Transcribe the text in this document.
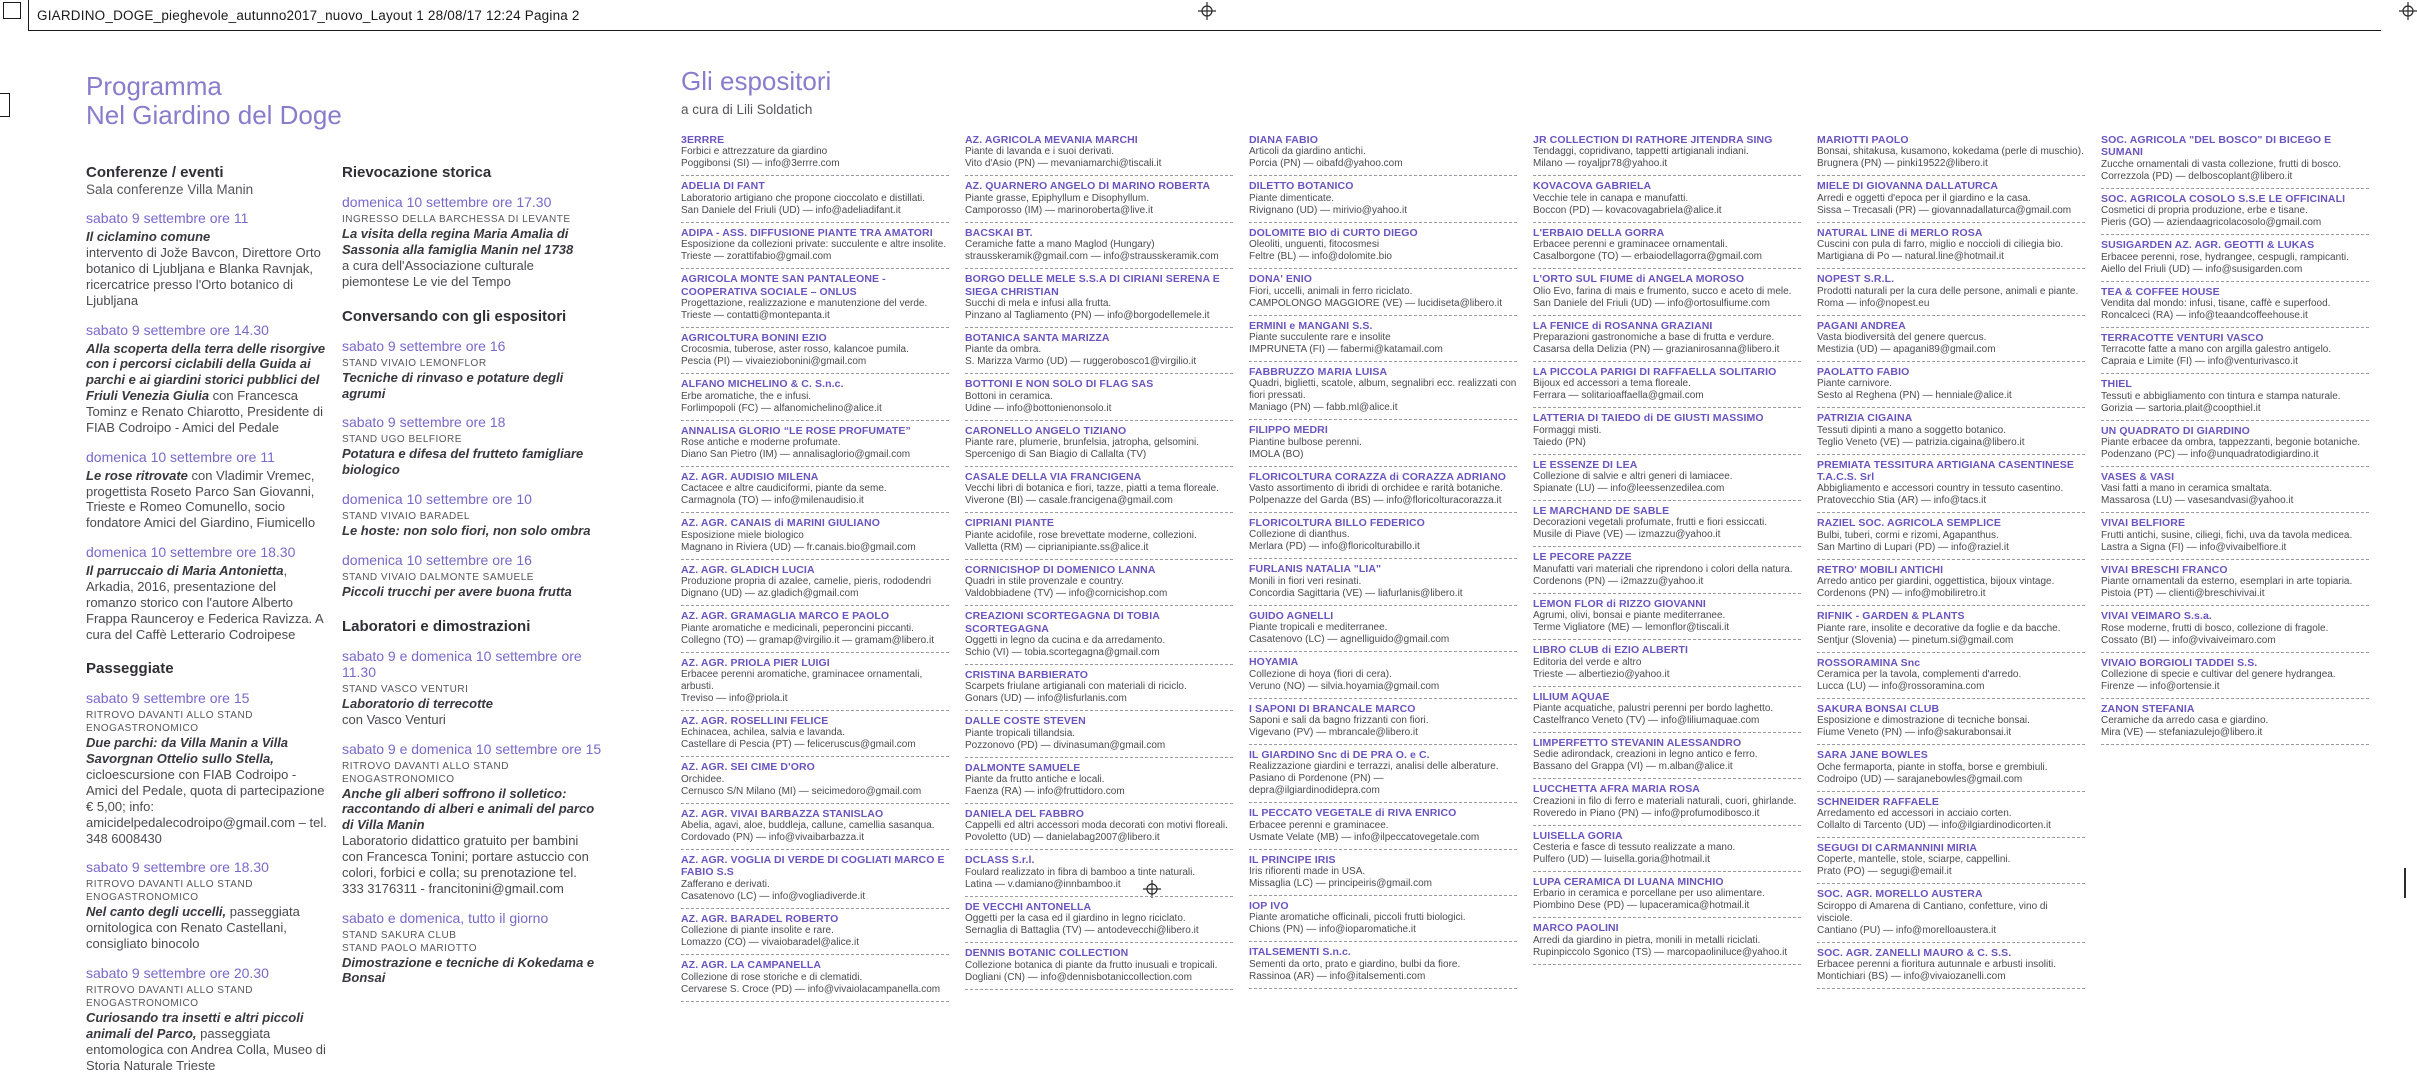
GIARDINO_DOGE_pieghevole_autunno2017_nuovo_Layout 1 28/08/17 12:24 Pagina 2
Programma
Nel Giardino del Doge
Conferenze / eventi
Sala conferenze Villa Manin
sabato 9 settembre ore 11

Il ciclamino comune

intervento di Jože Bavcon, Direttore Orto botanico di Ljubljana e Blanka Ravnjak, ricercatrice presso l'Orto botanico di Ljubljana

sabato 9 settembre ore 14.30

Alla scoperta della terra delle risorgive con i percorsi ciclabili della Guida ai parchi e ai giardini storici pubblici del Friuli Venezia Giulia con Francesca Tominz e Renato Chiarotto, Presidente di FIAB Codroipo - Amici del Pedale

domenica 10 settembre ore 11

Le rose ritrovate con Vladimir Vremec, progettista Roseto Parco San Giovanni, Trieste e Romeo Comunello, socio fondatore Amici del Giardino, Fiumicello

domenica 10 settembre ore 18.30

Il parruccaio di Maria Antonietta, Arkadia, 2016, presentazione del romanzo storico con l'autore Alberto Frappa Raunceroy e Federica Ravizza. A cura del Caffè Letterario Codroipese

Passeggiate
sabato 9 settembre ore 15
RITROVO DAVANTI ALLO STAND ENOGASTRONOMICO

Due parchi: da Villa Manin a Villa Savorgnan Ottelio sullo Stella,

cicloescursione con FIAB Codroipo - Amici del Pedale, quota di partecipazione € 5,00; info: amicidelpedalecodroipo@gmail.com – tel. 348 6008430

sabato 9 settembre ore 18.30
RITROVO DAVANTI ALLO STAND ENOGASTRONOMICO

Nel canto degli uccelli, passeggiata ornitologica con Renato Castellani, consigliato binocolo

sabato 9 settembre ore 20.30
RITROVO DAVANTI ALLO STAND ENOGASTRONOMICO

Curiosando tra insetti e altri piccoli animali del Parco, passeggiata entomologica con Andrea Colla, Museo di Storia Naturale Trieste

Rievocazione storica
domenica 10 settembre ore 17.30
INGRESSO DELLA BARCHESSA DI LEVANTE

La visita della regina Maria Amalia di Sassonia alla famiglia Manin nel 1738

a cura dell'Associazione culturale piemontese Le vie del Tempo

Conversando con gli espositori
sabato 9 settembre ore 16
STAND VIVAIO LEMONFLOR

Tecniche di rinvaso e potature degli agrumi

sabato 9 settembre ore 18
STAND UGO BELFIORE

Potatura e difesa del frutteto famigliare biologico

domenica 10 settembre ore 10
STAND VIVAIO BARADEL

Le hoste: non solo fiori, non solo ombra

domenica 10 settembre ore 16
STAND VIVAIO DALMONTE SAMUELE

Piccoli trucchi per avere buona frutta

Laboratori e dimostrazioni
sabato 9 e domenica 10 settembre ore 11.30
STAND VASCO VENTURI

Laboratorio di terrecotte

con Vasco Venturi

sabato 9 e domenica 10 settembre ore 15
RITROVO DAVANTI ALLO STAND ENOGASTRONOMICO

Anche gli alberi soffrono il solletico: raccontando di alberi e animali del parco di Villa Manin

Laboratorio didattico gratuito per bambini con Francesca Tonini; portare astuccio con colori, forbici e colla; su prenotazione tel. 333 3176311 - francitonini@gmail.com

sabato e domenica, tutto il giorno
STAND SAKURA CLUB
STAND PAOLO MARIOTTO

Dimostrazione e tecniche di Kokedama e Bonsai

Gli espositori
a cura di Lili Soldatich
3ERRRE
Forbici e attrezzature da giardino
Poggibonsi (SI) — info@3errre.com
ADELIA DI FANT
Laboratorio artigiano che propone cioccolato e distillati.
San Daniele del Friuli (UD) — info@adeliadifant.it
ADIPA - ASS. DIFFUSIONE PIANTE TRA AMATORI
Esposizione da collezioni private: succulente e altre insolite.
Trieste — zorattifabio@gmail.com
AGRICOLA MONTE SAN PANTALEONE - COOPERATIVA SOCIALE – ONLUS
Progettazione, realizzazione e manutenzione del verde.
Trieste — contatti@montepanta.it
AGRICOLTURA BONINI EZIO
Crocosmia, tuberose, aster rosso, kalancoe pumila.
Pescia (PI) — vivaieziobonini@gmail.com
ALFANO MICHELINO & C. S.n.c.
Erbe aromatiche, the e infusi.
Forlimpopoli (FC) — alfanomichelino@alice.it
ANNALISA GLORIO “LE ROSE PROFUMATE”
Rose antiche e moderne profumate.
Diano San Pietro (IM) — annalisaglorio@gmail.com
AZ. AGR. AUDISIO MILENA
Cactacee e altre caudiciformi, piante da seme.
Carmagnola (TO) — info@milenaudisio.it
AZ. AGR. CANAIS di MARINI GIULIANO
Esposizione miele biologico
Magnano in Riviera (UD) — fr.canais.bio@gmail.com
AZ. AGR. GLADICH LUCIA
Produzione propria di azalee, camelie, pieris, rododendri
Dignano (UD) — az.gladich@gmail.com
AZ. AGR. GRAMAGLIA MARCO E PAOLO
Piante aromatiche e medicinali, peperoncini piccanti.
Collegno (TO) — gramap@virgilio.it — gramam@libero.it
AZ. AGR. PRIOLA PIER LUIGI
Erbacee perenni aromatiche, graminacee ornamentali, arbusti.
Treviso — info@priola.it
AZ. AGR. ROSELLINI FELICE
Echinacea, achilea, salvia e lavanda.
Castellare di Pescia (PT) — feliceruscus@gmail.com
AZ. AGR. SEI CIME D'ORO
Orchidee.
Cernusco S/N Milano (MI) — seicimedoro@gmail.com
AZ. AGR. VIVAI BARBAZZA STANISLAO
Abelia, agavi, aloe, buddleja, callune, camellia sasanqua.
Cordovado (PN) — info@vivaibarbazza.it
AZ. AGR. VOGLIA DI VERDE DI COGLIATI MARCO E FABIO S.S
Zafferano e derivati.
Casatenovo (LC) — info@vogliadiverde.it
AZ. AGR. BARADEL ROBERTO
Collezione di piante insolite e rare.
Lomazzo (CO) — vivaiobaradel@alice.it
AZ. AGR. LA CAMPANELLA
Collezione di rose storiche e di clematidi.
Cervarese S. Croce (PD) — info@vivaiolacampanella.com
AZ. AGRICOLA MEVANIA MARCHI
Piante di lavanda e i suoi derivati.
Vito d'Asio (PN) — mevaniamarchi@tiscali.it
AZ. QUARNERO ANGELO DI MARINO ROBERTA
Piante grasse, Epiphyllum e Disophyllum.
Camporosso (IM) — marinoroberta@live.it
BACSKAI BT.
Ceramiche fatte a mano Maglod (Hungary)
strausskeramik@gmail.com — info@strausskeramik.com
BORGO DELLE MELE S.S.A DI CIRIANI SERENA E SIEGA CHRISTIAN
Succhi di mela e infusi alla frutta.
Pinzano al Tagliamento (PN) — info@borgodellemele.it
BOTANICA SANTA MARIZZA
Piante da ombra.
S. Marizza Varmo (UD) — ruggerobosco1@virgilio.it
BOTTONI E NON SOLO DI FLAG SAS
Bottoni in ceramica.
Udine — info@bottonienonsolo.it
CARONELLO ANGELO TIZIANO
Piante rare, plumerie, brunfelsia, jatropha, gelsomini.
Spercenigo di San Biagio di Callalta (TV)
CASALE DELLA VIA FRANCIGENA
Vecchi libri di botanica e fiori, tazze, piatti a tema floreale.
Viverone (BI) — casale.francigena@gmail.com
CIPRIANI PIANTE
Piante acidofile, rose brevettate moderne, collezioni.
Valletta (RM) — ciprianipiante.ss@alice.it
CORNICISHOP DI DOMENICO LANNA
Quadri in stile provenzale e country.
Valdobbiadene (TV) — info@cornicishop.com
CREAZIONI SCORTEGAGNA DI TOBIA SCORTEGAGNA
Oggetti in legno da cucina e da arredamento.
Schio (VI) — tobia.scortegagna@gmail.com
CRISTINA BARBIERATO
Scarpets friulane artigianali con materiali di riciclo.
Gonars (UD) — info@lisfurlanis.com
DALLE COSTE STEVEN
Piante tropicali tillandsia.
Pozzonovo (PD) — divinasuman@gmail.com
DALMONTE SAMUELE
Piante da frutto antiche e locali.
Faenza (RA) — info@fruttidoro.com
DANIELA DEL FABBRO
Cappelli ed altri accessori moda decorati con motivi floreali.
Povoletto (UD) — danielabag2007@libero.it
DCLASS S.r.l.
Foulard realizzato in fibra di bamboo a tinte naturali.
Latina — v.damiano@innbamboo.it
DE VECCHI ANTONELLA
Oggetti per la casa ed il giardino in legno riciclato.
Sernaglia di Battaglia (TV) — antodevecchi@libero.it
DENNIS BOTANIC COLLECTION
Collezione botanica di piante da frutto inusuali e tropicali.
Dogliani (CN) — info@dennisbotaniccollection.com
DIANA FABIO
Articoli da giardino antichi.
Porcia (PN) — oibafd@yahoo.com
DILETTO BOTANICO
Piante dimenticate.
Rivignano (UD) — mirivio@yahoo.it
DOLOMITE BIO di CURTO DIEGO
Oleoliti, unguenti, fitocosmesi
Feltre (BL) — info@dolomite.bio
DONA' ENIO
Fiori, uccelli, animali in ferro riciclato.
CAMPOLONGO MAGGIORE (VE) — lucidiseta@libero.it
ERMINI e MANGANI S.S.
Piante succulente rare e insolite
IMPRUNETA (FI) — fabermi@katamail.com
FABBRUZZO MARIA LUISA
Quadri, biglietti, scatole, album, segnalibri ecc. realizzati con fiori pressati.
Maniago (PN) — fabb.ml@alice.it
FILIPPO MEDRI
Piantine bulbose perenni.
IMOLA (BO)
FLORICOLTURA CORAZZA di CORAZZA ADRIANO
Vasto assortimento di ibridi di orchidee e rarità botaniche.
Polpenazze del Garda (BS) — info@floricolturacorazza.it
FLORICOLTURA BILLO FEDERICO
Collezione di dianthus.
Merlara (PD) — info@floricolturabillo.it
FURLANIS NATALIA "LIA"
Monili in fiori veri resinati.
Concordia Sagittaria (VE) — liafurlanis@libero.it
GUIDO AGNELLI
Piante tropicali e mediterranee.
Casatenovo (LC) — agnelliguido@gmail.com
HOYAMIA
Collezione di hoya (fiori di cera).
Veruno (NO) — silvia.hoyamia@gmail.com
I SAPONI DI BRANCALE MARCO
Saponi e sali da bagno frizzanti con fiori.
Vigevano (PV) — mbrancale@libero.it
IL GIARDINO Snc di DE PRA O. e C.
Realizzazione giardini e terrazzi, analisi delle alberature.
Pasiano di Pordenone (PN) — depra@ilgiardinodidepra.com
IL PECCATO VEGETALE di RIVA ENRICO
Erbacee perenni e graminacee.
Usmate Velate (MB) — info@ilpeccatovegetale.com
IL PRINCIPE IRIS
Iris rifiorenti made in USA.
Missaglia (LC) — principeiris@gmail.com
IOP IVO
Piante aromatiche officinali, piccoli frutti biologici.
Chions (PN) — info@ioparomatiche.it
ITALSEMENTI S.n.c.
Sementi da orto, prato e giardino, bulbi da fiore.
Rassinoa (AR) — info@italsementi.com
JR COLLECTION DI RATHORE JITENDRA SING
Tendaggi, copridivano, tappetti artigianali indiani.
Milano — royaljpr78@yahoo.it
KOVACOVA GABRIELA
Vecchie tele in canapa e manufatti.
Boccon (PD) — kovacovagabriela@alice.it
L'ERBAIO DELLA GORRA
Erbacee perenni e graminacee ornamentali.
Casalborgone (TO) — erbaiodellagorra@gmail.com
L'ORTO SUL FIUME di ANGELA MOROSO
Olio Evo, farina di mais e frumento, succo e aceto di mele.
San Daniele del Friuli (UD) — info@ortosulfiume.com
LA FENICE di ROSANNA GRAZIANI
Preparazioni gastronomiche a base di frutta e verdure.
Casarsa della Delizia (PN) — grazianirosanna@libero.it
LA PICCOLA PARIGI DI RAFFAELLA SOLITARIO
Bijoux ed accessori a tema floreale.
Ferrara — solitarioaffaella@gmail.com
LATTERIA DI TAIEDO di DE GIUSTI MASSIMO
Formaggi misti.
Taiedo (PN)
LE ESSENZE DI LEA
Collezione di salvie e altri generi di lamiacee.
Spianate (LU) — info@leessenzedilea.com
LE MARCHAND DE SABLE
Decorazioni vegetali profumate, frutti e fiori essiccati.
Musile di Piave (VE) — izmazzu@yahoo.it
LE PECORE PAZZE
Manufatti vari materiali che riprendono i colori della natura.
Cordenons (PN) — i2mazzu@yahoo.it
LEMON FLOR di RIZZO GIOVANNI
Agrumi, olivi, bonsai e piante mediterranee.
Terme Vigliatore (ME) — lemonflor@tiscali.it
LIBRO CLUB di EZIO ALBERTI
Editoria del verde e altro
Trieste — albertiezio@yahoo.it
LILIUM AQUAE
Piante acquatiche, palustri perenni per bordo laghetto.
Castelfranco Veneto (TV) — info@liliumaquae.com
LIMPERFETTO STEVANIN ALESSANDRO
Sedie adirondack, creazioni in legno antico e ferro.
Bassano del Grappa (VI) — m.alban@alice.it
LUCCHETTA AFRA MARIA ROSA
Creazioni in filo di ferro e materiali naturali, cuori, ghirlande.
Roveredo in Piano (PN) — info@profumodibosco.it
LUISELLA GORIA
Cesteria e fasce di tessuto realizzate a mano.
Pulfero (UD) — luisella.goria@hotmail.it
LUPA CERAMICA DI LUANA MINCHIO
Erbario in ceramica e porcellane per uso alimentare.
Piombino Dese (PD) — lupaceramica@hotmail.it
MARCO PAOLINI
Arredi da giardino in pietra, monili in metalli riciclati.
Rupinpiccolo Sgonico (TS) — marcopaoliniluce@yahoo.it
MARIOTTI PAOLO
Bonsai, shitakusa, kusamono, kokedama (perle di muschio).
Brugnera (PN) — pinki19522@libero.it
MIELE DI GIOVANNA DALLATURCA
Arredi e oggetti d'epoca per il giardino e la casa.
Sissa – Trecasali (PR) — giovannadallaturca@gmail.com
NATURAL LINE di MERLO ROSA
Cuscini con pula di farro, miglio e noccioli di ciliegia bio.
Martigiana di Po — natural.line@hotmail.it
NOPEST S.R.L.
Prodotti naturali per la cura delle persone, animali e piante.
Roma — info@nopest.eu
PAGANI ANDREA
Vasta biodiversità del genere quercus.
Mestizia (UD) — apagani89@gmail.com
PAOLATTO FABIO
Piante carnivore.
Sesto al Reghena (PN) — henniale@alice.it
PATRIZIA CIGAINA
Tessuti dipinti a mano a soggetto botanico.
Teglio Veneto (VE) — patrizia.cigaina@libero.it
PREMIATA TESSITURA ARTIGIANA CASENTINESE T.A.C.S. Srl
Abbigliamento e accessori country in tessuto casentino.
Pratovecchio Stia (AR) — info@tacs.it
RAZIEL SOC. AGRICOLA SEMPLICE
Bulbi, tuberi, cormi e rizomi, Agapanthus.
San Martino di Lupari (PD) — info@raziel.it
RETRO' MOBILI ANTICHI
Arredo antico per giardini, oggettistica, bijoux vintage.
Cordenons (PN) — info@mobiliretro.it
RIFNIK - GARDEN & PLANTS
Piante rare, insolite e decorative da foglie e da bacche.
Sentjur (Slovenia) — pinetum.si@gmail.com
ROSSORAMINA Snc
Ceramica per la tavola, complementi d'arredo.
Lucca (LU) — info@rossoramina.com
SAKURA BONSAI CLUB
Esposizione e dimostrazione di tecniche bonsai.
Fiume Veneto (PN) — info@sakurabonsai.it
SARA JANE BOWLES
Oche fermaporta, piante in stoffa, borse e grembiuli.
Codroipo (UD) — sarajanebowles@gmail.com
SCHNEIDER RAFFAELE
Arredamento ed accessori in acciaio corten.
Collalto di Tarcento (UD) — info@ilgiardinodicorten.it
SEGUGI DI CARMANNINI MIRIA
Coperte, mantelle, stole, sciarpe, cappellini.
Prato (PO) — segugi@email.it
SOC. AGR. MORELLO AUSTERA
Sciroppo di Amarena di Cantiano, confetture, vino di visciole.
Cantiano (PU) — info@morelloaustera.it
SOC. AGR. ZANELLI MAURO & C. S.S.
Erbacee perenni a fioritura autunnale e arbusti insoliti.
Montichiari (BS) — info@vivaiozanelli.com
SOC. AGRICOLA "DEL BOSCO" DI BICEGO E SUMANI
Zucche ornamentali di vasta collezione, frutti di bosco.
Correzzola (PD) — delboscoplant@libero.it
SOC. AGRICOLA COSOLO S.S.E LE OFFICINALI
Cosmetici di propria produzione, erbe e tisane.
Pieris (GO) — aziendaagricolacosolo@gmail.com
SUSIGARDEN AZ. AGR. GEOTTI & LUKAS
Erbacee perenni, rose, hydrangee, cespugli, rampicanti.
Aiello del Friuli (UD) — info@susigarden.com
TEA & COFFEE HOUSE
Vendita dal mondo: infusi, tisane, caffè e superfood.
Roncalceci (RA) — info@teaandcoffeehouse.it
TERRACOTTE VENTURI VASCO
Terracotte fatte a mano con argilla galestro antigelo.
Capraia e Limite (FI) — info@venturivasco.it
THIEL
Tessuti e abbigliamento con tintura e stampa naturale.
Gorizia — sartoria.plait@coopthiel.it
UN QUADRATO DI GIARDINO
Piante erbacee da ombra, tappezzanti, begonie botaniche.
Podenzano (PC) — info@unquadratodigiardino.it
VASES & VASI
Vasi fatti a mano in ceramica smaltata.
Massarosa (LU) — vasesandvasi@yahoo.it
VIVAI BELFIORE
Frutti antichi, susine, ciliegi, fichi, uva da tavola medicea.
Lastra a Signa (FI) — info@vivaibelfiore.it
VIVAI BRESCHI FRANCO
Piante ornamentali da esterno, esemplari in arte topiaria.
Pistoia (PT) — clienti@breschivivai.it
VIVAI VEIMARO S.s.a.
Rose moderne, frutti di bosco, collezione di fragole.
Cossato (BI) — info@vivaiveimaro.com
VIVAIO BORGIOLI TADDEI S.S.
Collezione di specie e cultivar del genere hydrangea.
Firenze — info@ortensie.it
ZANON STEFANIA
Ceramiche da arredo casa e giardino.
Mira (VE) — stefaniazulejo@libero.it
